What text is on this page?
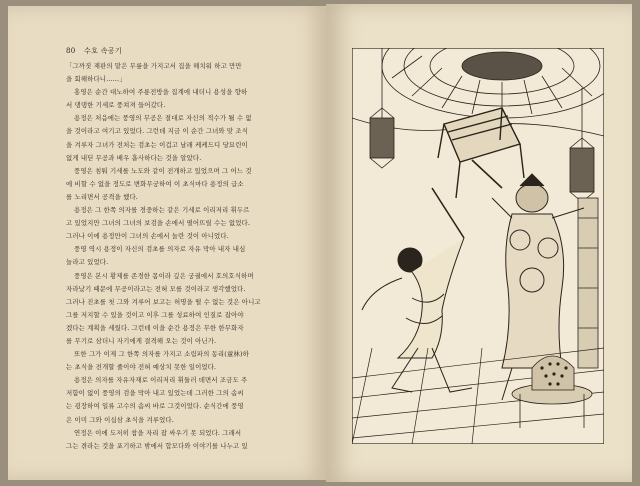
80 수호 속공기
「그까짓 재판의 맡은 무릎을 가지고서 집을 해치워 하고 만만
을 회해하다니……」
홍영은 순간 대노하여 주룡전방을 집계에 내더니 용성을 향하
서 댕댕한 기세로 풍쳐져 들어갔다.
용정은 처음에는 풍영의 무공은 절대로 자신의 적수가 될 수 없
을 것이라고 여기고 있었다. 그런데 지금 이 순간 그녀와 맞 조식
을 겨루자 그녀가 전처는 검초는 이겁고 날래 케케드디 당묘린이
없게 내딛 무공과 배우 흡사하다는 것을 알았다.
풍영은 침퉈 기세를 노도와 같이 전개하고 있었으며 그 어느 것
에 비할 수 없을 정도로 변화무궁하여 이 초식마다 용정의 급소
를 노리면서 공격을 했다.
용정은 그 한쪽 의자를 경중하는 같은 기세로 이리저리 휘두르
고 있었지만 그녀의 그녀의 보검을 손에서 떨어뜨릴 수는 없었다.
그러나 이에 용정만이 그녀의 손에서 놀란 것이 아니었다.
풍영 역시 용정이 자신의 검초를 의자로 자유 막아 내자 내심
놀라고 있었다.
풍영은 본시 황제를 존경한 몸이라 깊은 궁궐에서 호의호식하며
자라났기 때문에 무공이라고는 전혀 모를 것이라고 생각했었다.
그러나 진초를 첫 그와 겨루어 보고는 허명을 떨 수 없는 것은 아니고
그를 저지할 수 있을 것이고 이후 그를 성료하여 인질로 잡아야
겠다는 계획을 세웠다. 그런데 이을 순간 용정은 무한 한무화자
를 무기로 삼더니 자기에게 결격해 오는 것이 아닌가.
또한 그가 이제 그 한쪽 의자를 가지고 소림파의 동리(童林)하
는 초식을 전개할 줄이야 전혀 예상치 못한 일이었다.
용정은 의자를 자유자재로 이리저리 휘둘러 데면서 조금도 주
저함이 없이 풍영의 검을 막아 내고 있었는데 그러한 그의 솜씨
는 굉장하여 일류 고수의 솜씨 바로 그것이었다. 순식간에 풍영
은 이미 그와 이십삼 초식을 겨루었다.
연정은 이에 도저히 참을 자리 잡 싸우기 못 되었다. 그래서
그는 겪라는 것을 포기하고 밖에서 합모다와 이야기를 나누고 있
